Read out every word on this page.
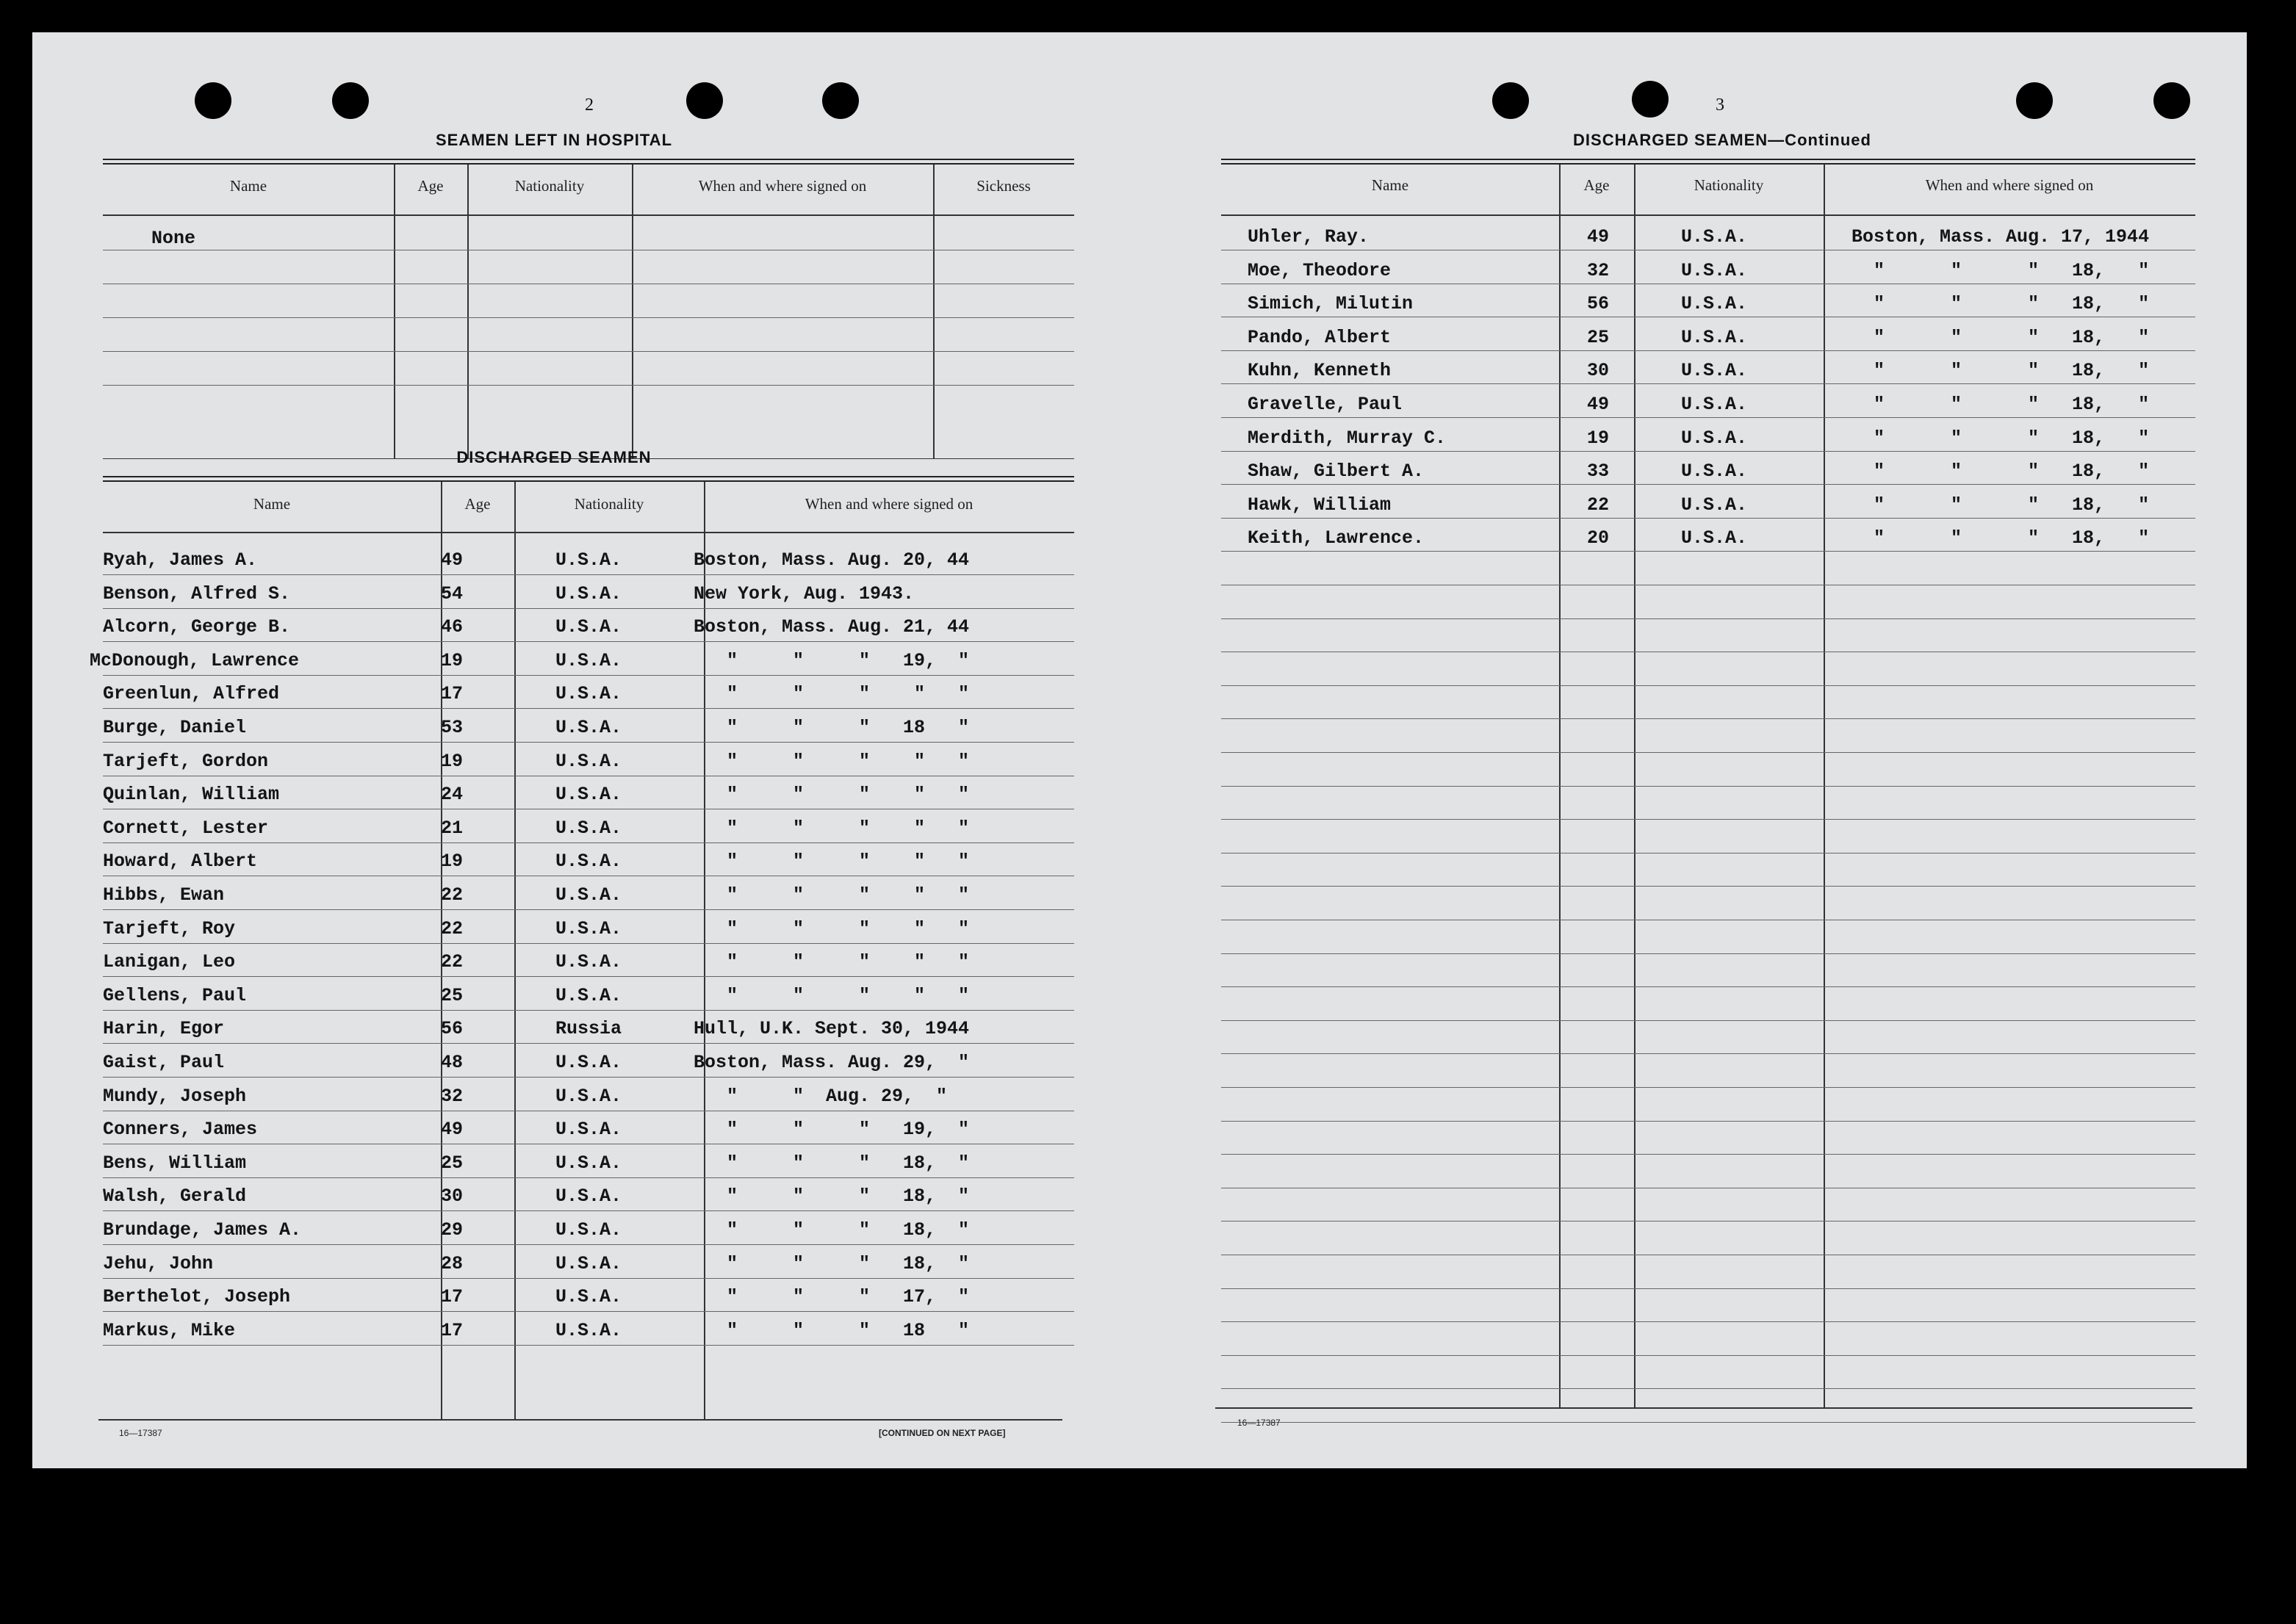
2
SEAMEN LEFT IN HOSPITAL
Name	Age	Nationality	When and where signed on	Sickness
None
DISCHARGED SEAMEN
Name	Age	Nationality	When and where signed on
Ryah, James A.	49	U.S.A.	Boston, Mass. Aug. 20, 44
Benson, Alfred S.	54	U.S.A.	New York, Aug. 1943.
Alcorn, George B.	46	U.S.A.	Boston, Mass. Aug. 21, 44
McDonough, Lawrence	19	U.S.A.	"     "     "   19,  "
Greenlun, Alfred	17	U.S.A.	"     "     "    "   "
Burge, Daniel	53	U.S.A.	"     "     "   18   "
Tarjeft, Gordon	19	U.S.A.	"     "     "    "   "
Quinlan, William	24	U.S.A.	"     "     "    "   "
Cornett, Lester	21	U.S.A.	"     "     "    "   "
Howard, Albert	19	U.S.A.	"     "     "    "   "
Hibbs, Ewan	22	U.S.A.	"     "     "    "   "
Tarjeft, Roy	22	U.S.A.	"     "     "    "   "
Lanigan, Leo	22	U.S.A.	"     "     "    "   "
Gellens, Paul	25	U.S.A.	"     "     "    "   "
Harin, Egor	56	Russia	Hull, U.K. Sept. 30, 1944
Gaist, Paul	48	U.S.A.	Boston, Mass. Aug. 29,  "
Mundy, Joseph	32	U.S.A.	"     "  Aug. 29,  "
Conners, James	49	U.S.A.	"     "     "   19,  "
Bens, William	25	U.S.A.	"     "     "   18,  "
Walsh, Gerald	30	U.S.A.	"     "     "   18,  "
Brundage, James A.	29	U.S.A.	"     "     "   18,  "
Jehu, John	28	U.S.A.	"     "     "   18,  "
Berthelot, Joseph	17	U.S.A.	"     "     "   17,  "
Markus, Mike	17	U.S.A.	"     "     "   18   "
16—17387	[CONTINUED ON NEXT PAGE]
3
DISCHARGED SEAMEN—Continued
Name	Age	Nationality	When and where signed on
Uhler, Ray.	49	U.S.A.	Boston, Mass. Aug. 17, 1944
Moe, Theodore	32	U.S.A.	"      "      "   18,   "
Simich, Milutin	56	U.S.A.	"      "      "   18,   "
Pando, Albert	25	U.S.A.	"      "      "   18,   "
Kuhn, Kenneth	30	U.S.A.	"      "      "   18,   "
Gravelle, Paul	49	U.S.A.	"      "      "   18,   "
Merdith, Murray C.	19	U.S.A.	"      "      "   18,   "
Shaw, Gilbert A.	33	U.S.A.	"      "      "   18,   "
Hawk, William	22	U.S.A.	"      "      "   18,   "
Keith, Lawrence.	20	U.S.A.	"      "      "   18,   "
16—17387
